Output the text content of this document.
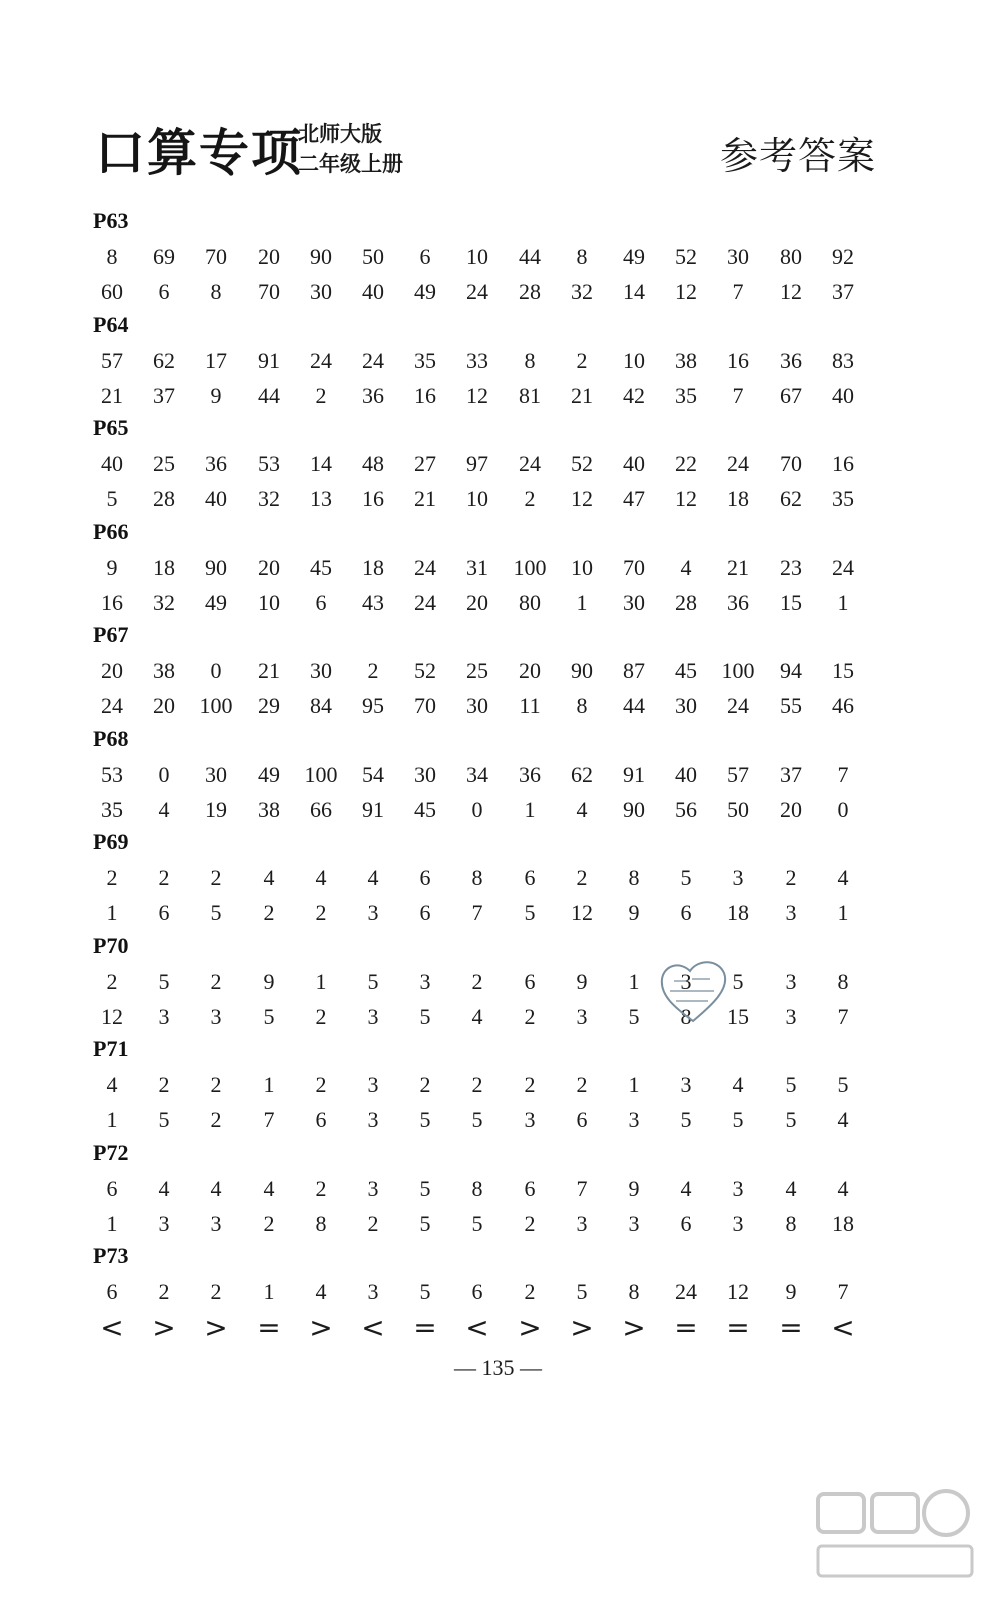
口算专项
北师大版
二年级上册	参考答案
P63
8 69 70 20 90 50 6 10 44 8 49 52 30 80 92
60 6 8 70 30 40 49 24 28 32 14 12 7 12 37
P64
57 62 17 91 24 24 35 33 8 2 10 38 16 36 83
21 37 9 44 2 36 16 12 81 21 42 35 7 67 40
P65
40 25 36 53 14 48 27 97 24 52 40 22 24 70 16
5 28 40 32 13 16 21 10 2 12 47 12 18 62 35
P66
9 18 90 20 45 18 24 31 100 10 70 4 21 23 24
16 32 49 10 6 43 24 20 80 1 30 28 36 15 1
P67
20 38 0 21 30 2 52 25 20 90 87 45 100 94 15
24 20 100 29 84 95 70 30 11 8 44 30 24 55 46
P68
53 0 30 49 100 54 30 34 36 62 91 40 57 37 7
35 4 19 38 66 91 45 0 1 4 90 56 50 20 0
P69
2 2 2 4 4 4 6 8 6 2 8 5 3 2 4
1 6 5 2 2 3 6 7 5 12 9 6 18 3 1
P70
2 5 2 9 1 5 3 2 6 9 1 3 5 3 8
12 3 3 5 2 3 5 4 2 3 5 8 15 3 7
P71
4 2 2 1 2 3 2 2 2 2 1 3 4 5 5
1 5 2 7 6 3 5 5 3 6 3 5 5 5 4
P72
6 4 4 4 2 3 5 8 6 7 9 4 3 4 4
1 3 3 2 8 2 5 5 2 3 3 6 3 8 18
P73
6 2 2 1 4 3 5 6 2 5 8 24 12 9 7
< > > = > < = < > > > = = = <
— 135 —
